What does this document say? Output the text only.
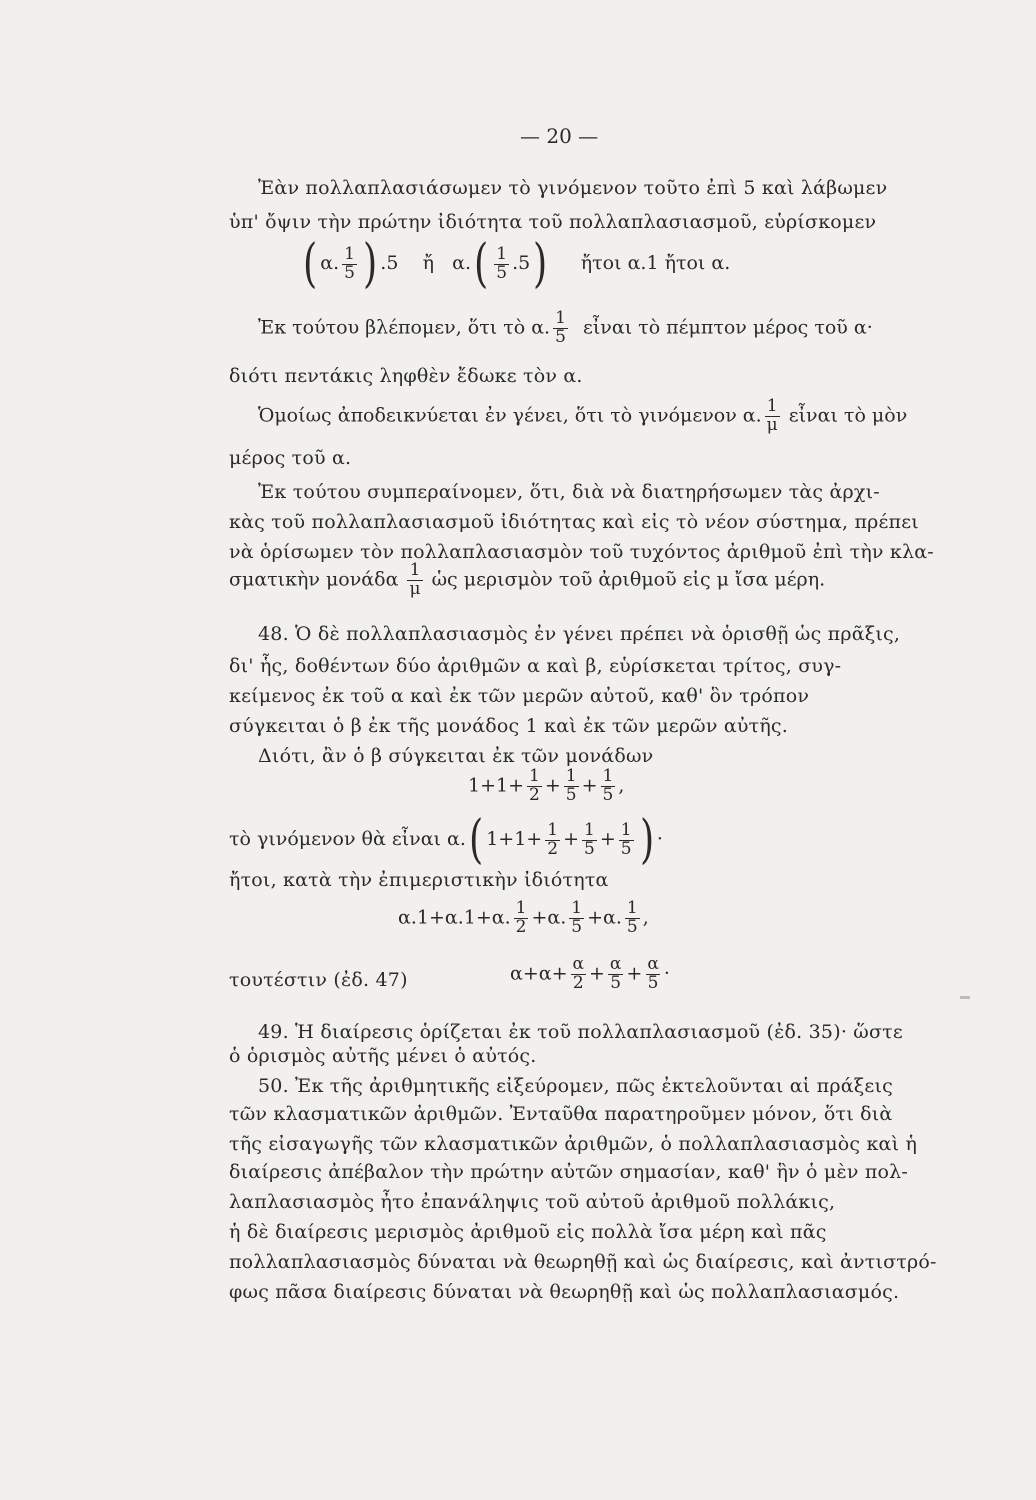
— 20 —
Ἐὰν πολλαπλασιάσωμεν τὸ γινόμενον τοῦτο ἐπὶ 5 καὶ λάβωμεν
ὑπ' ὄψιν τὴν πρώτην ἰδιότητα τοῦ πολλαπλασιασμοῦ, εὑρίσκομεν
( α. $\frac{1}{5}$ ) .5 ἤ $\alpha.( \frac{1}{5} .5)$ ἤτοι α.1 ἤτοι α.
Ἐκ τούτου βλέπομεν, ὅτι τὸ α. $\frac{1}{5}$ εἶναι τὸ πέμπτον μέρος τοῦ α·
διότι πεντάκις ληφθὲν ἔδωκε τὸν α.
Ὁμοίως ἀποδεικνύεται ἐν γένει, ὅτι τὸ γινόμενον α. $\frac{1}{\mu}$ εἶναι τὸ μὸν
μέρος τοῦ α.
Ἐκ τούτου συμπεραίνομεν, ὅτι, διὰ νὰ διατηρήσωμεν τὰς ἀρχι-
κὰς τοῦ πολλαπλασιασμοῦ ἰδιότητας καὶ εἰς τὸ νέον σύστημα, πρέπει
νὰ ὁρίσωμεν τὸν πολλαπλασιασμὸν τοῦ τυχόντος ἀριθμοῦ ἐπὶ τὴν κλα-
σματικὴν μονάδα $\frac{1}{\mu}$ ὡς μερισμὸν τοῦ ἀριθμοῦ εἰς μ ἴσα μέρη.
48. Ὁ δὲ πολλαπλασιασμὸς ἐν γένει πρέπει νὰ ὁρισθῇ ὡς πρᾶξις,
δι' ἧς, δοθέντων δύο ἀριθμῶν α καὶ β, εὑρίσκεται τρίτος, συγ-
κείμενος ἐκ τοῦ α καὶ ἐκ τῶν μερῶν αὐτοῦ, καθ' ὃν τρόπον
σύγκειται ὁ β ἐκ τῆς μονάδος 1 καὶ ἐκ τῶν μερῶν αὐτῆς.
Διότι, ἂν ὁ β σύγκειται ἐκ τῶν μονάδων
$1+1+ \frac{1}{2} + \frac{1}{5} + \frac{1}{5}$ ,
τὸ γινόμενον θὰ εἶναι α.( $1+1+ \frac{1}{2} + \frac{1}{5} + \frac{1}{5}$ ) ·
ἤτοι, κατὰ τὴν ἐπιμεριστικὴν ἰδιότητα
α.1+α.1+α. $\frac{1}{2} +\alpha$. $\frac{1}{5} +\alpha$. $\frac{1}{5}$ ,
τουτέστιν (ἐδ. 47)	$\alpha+\alpha+ \frac{\alpha}{2} + \frac{\alpha}{5} + \frac{\alpha}{5}$ ·
49. Ἡ διαίρεσις ὁρίζεται ἐκ τοῦ πολλαπλασιασμοῦ (ἐδ. 35)· ὥστε
ὁ ὁρισμὸς αὐτῆς μένει ὁ αὐτός.
50. Ἐκ τῆς ἀριθμητικῆς εἰξεύρομεν, πῶς ἐκτελοῦνται αἱ πράξεις
τῶν κλασματικῶν ἀριθμῶν. Ἐνταῦθα παρατηροῦμεν μόνον, ὅτι διὰ
τῆς εἰσαγωγῆς τῶν κλασματικῶν ἀριθμῶν, ὁ πολλαπλασιασμὸς καὶ ἡ
διαίρεσις ἀπέβαλον τὴν πρώτην αὐτῶν σημασίαν, καθ' ἣν ὁ μὲν πολ-
λαπλασιασμὸς ἦτο ἐπανάληψις τοῦ αὐτοῦ ἀριθμοῦ πολλάκις,
ἡ δὲ διαίρεσις μερισμὸς ἀριθμοῦ εἰς πολλὰ ἴσα μέρη καὶ πᾶς
πολλαπλασιασμὸς δύναται νὰ θεωρηθῇ καὶ ὡς διαίρεσις, καὶ ἀντιστρό-
φως πᾶσα διαίρεσις δύναται νὰ θεωρηθῇ καὶ ὡς πολλαπλασιασμός.
